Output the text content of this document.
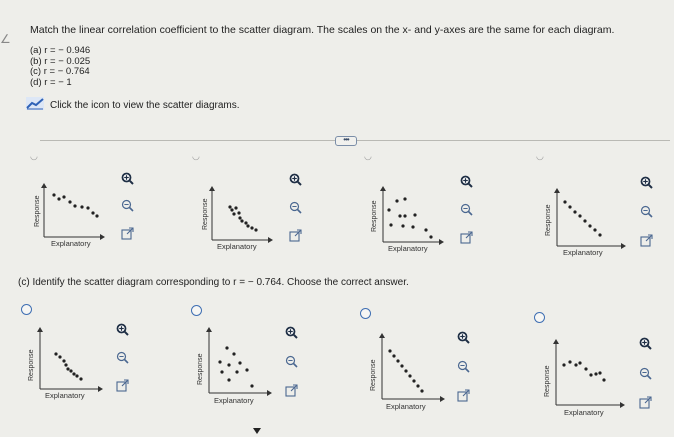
∠
Match the linear correlation coefficient to the scatter diagram. The scales on the x- and y-axes are the same for each diagram.
(a) r = − 0.946
(b) r = − 0.025
(c) r = − 0.764
(d) r = − 1
Click the icon to view the scatter diagrams.
•••
◡	◡	◡	◡
Response
Explanatory
Response
Explanatory
Response
Explanatory
Response
Explanatory
(c) Identify the scatter diagram corresponding to r = − 0.764. Choose the correct answer.
Response
Explanatory
Response
Explanatory
Response
Explanatory
Response
Explanatory
